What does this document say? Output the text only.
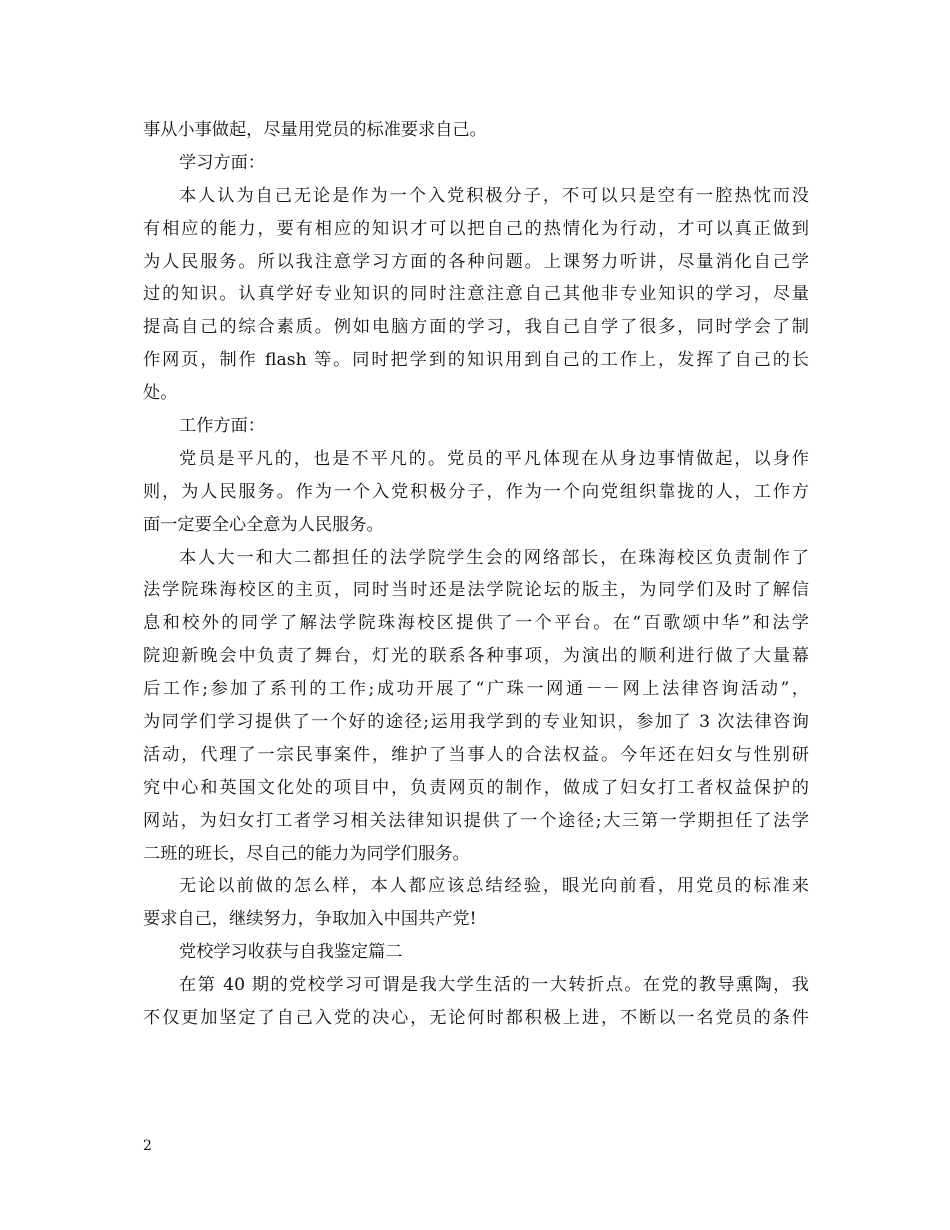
事从小事做起，尽量用党员的标准要求自己。
学习方面：
本人认为自己无论是作为一个入党积极分子，不可以只是空有一腔热忱而没
有相应的能力，要有相应的知识才可以把自己的热情化为行动，才可以真正做到
为人民服务。所以我注意学习方面的各种问题。上课努力听讲，尽量消化自己学
过的知识。认真学好专业知识的同时注意注意自己其他非专业知识的学习，尽量
提高自己的综合素质。例如电脑方面的学习，我自己自学了很多，同时学会了制
作网页，制作 flash 等。同时把学到的知识用到自己的工作上，发挥了自己的长
处。
工作方面：
党员是平凡的，也是不平凡的。党员的平凡体现在从身边事情做起，以身作
则，为人民服务。作为一个入党积极分子，作为一个向党组织靠拢的人，工作方
面一定要全心全意为人民服务。
本人大一和大二都担任的法学院学生会的网络部长，在珠海校区负责制作了
法学院珠海校区的主页，同时当时还是法学院论坛的版主，为同学们及时了解信
息和校外的同学了解法学院珠海校区提供了一个平台。在“百歌颂中华”和法学
院迎新晚会中负责了舞台，灯光的联系各种事项，为演出的顺利进行做了大量幕
后工作;参加了系刊的工作;成功开展了“广珠一网通－－网上法律咨询活动”，
为同学们学习提供了一个好的途径;运用我学到的专业知识，参加了 3 次法律咨询
活动，代理了一宗民事案件，维护了当事人的合法权益。今年还在妇女与性别研
究中心和英国文化处的项目中，负责网页的制作，做成了妇女打工者权益保护的
网站，为妇女打工者学习相关法律知识提供了一个途径;大三第一学期担任了法学
二班的班长，尽自己的能力为同学们服务。
无论以前做的怎么样，本人都应该总结经验，眼光向前看，用党员的标准来
要求自己，继续努力，争取加入中国共产党!
党校学习收获与自我鉴定篇二
在第 40 期的党校学习可谓是我大学生活的一大转折点。在党的教导熏陶，我
不仅更加坚定了自己入党的决心，无论何时都积极上进，不断以一名党员的条件
2
